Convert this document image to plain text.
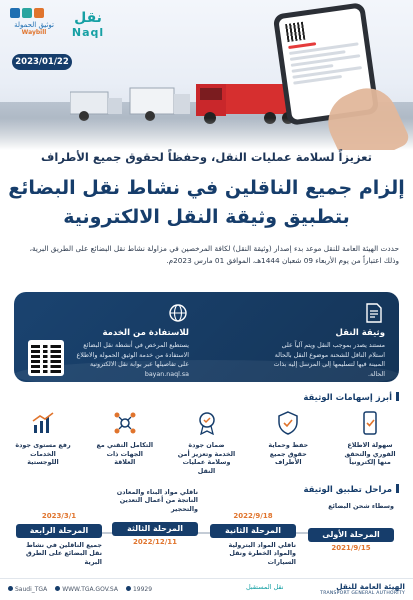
توثيق الحمولة
Waybill
نقل
Naql
2023/01/22
تعزيزاً لسلامة عمليات النقل، وحفظاً لحقوق جميع الأطراف
إلزام جميع الناقلين في نشاط نقل البضائع
بتطبيق وثيقة النقل الالكترونية
حددت الهيئة العامة للنقل موعد بدء إصدار (وثيقة النقل) لكافة المرخصين في مزاولة نشاط نقل البضائع على الطريق البرية، وذلك اعتباراً من يوم الأربعاء 09 شعبان 1444هـ، الموافق 01 مارس 2023م.
وثيقة النقل
مستند يصدر بموجب النقل ويتم آلياً على استلام الناقل للشحنة موضوع النقل بالحالة المبينة فيها لتسليمها إلى المرسل إليه بذات الحالة.
للاستفادة من الخدمة
يستطيع المرخص في أنشطة نقل البضائع الاستفادة من خدمة الوثيق الحمولة والاطلاع على تفاصيلها عبر بوابة نقل الالكترونية bayan.naql.sa
أبرز إسهامات الوثيقة
سهولة الاطلاع الفوري والتحقق منها إلكترونياً
حفظ وحماية حقوق جميع الأطراف
ضمان جودة الخدمة وتعزيز أمن وسلامة عمليات النقل
التكامل التقني مع الجهات ذات العلاقة
رفع مستوى جودة الخدمات اللوجستية
مراحل تطبيق الوثيقة
وسطاء شحن البضائع
المرحلة الأولى
2021/9/15
2022/9/18
المرحلة الثانية
ناقلي المواد البترولية والمواد الخطرة ونقل السيارات
ناقلي مواد البناء والمعادن الناتجة من أعمال التعدين والتحجير
المرحلة الثالثة
2022/12/11
2023/3/1
المرحلة الرابعة
جميع الناقلين في نشاط نقل البضائع على الطرق البرية
Saudi_TGA	WWW.TGA.GOV.SA	19929	نقل المستقبل	الهيئة العامة للنقل
TRANSPORT GENERAL AUTHORITY
